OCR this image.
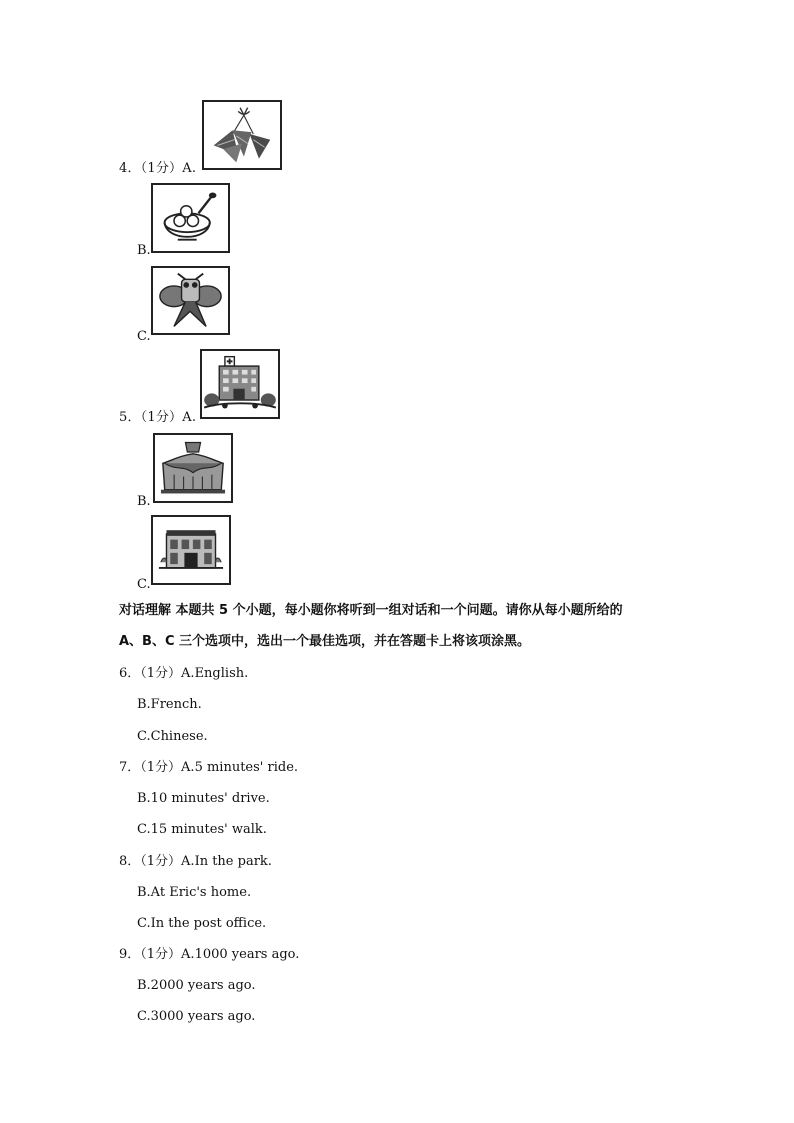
4．（1分）A.
B.
C.
5．（1分）A.
B.
C.
对话理解 本题共 5 个小题，每小题你将听到一组对话和一个问题。请你从每小题所给的
A、B、C 三个选项中，选出一个最佳选项，并在答题卡上将该项涂黑。
6．（1分）A.English.
B.French.
C.Chinese.
7．（1分）A.5 minutes' ride.
B.10 minutes' drive.
C.15 minutes' walk.
8．（1分）A.In the park.
B.At Eric's home.
C.In the post office.
9．（1分）A.1000 years ago.
B.2000 years ago.
C.3000 years ago.
